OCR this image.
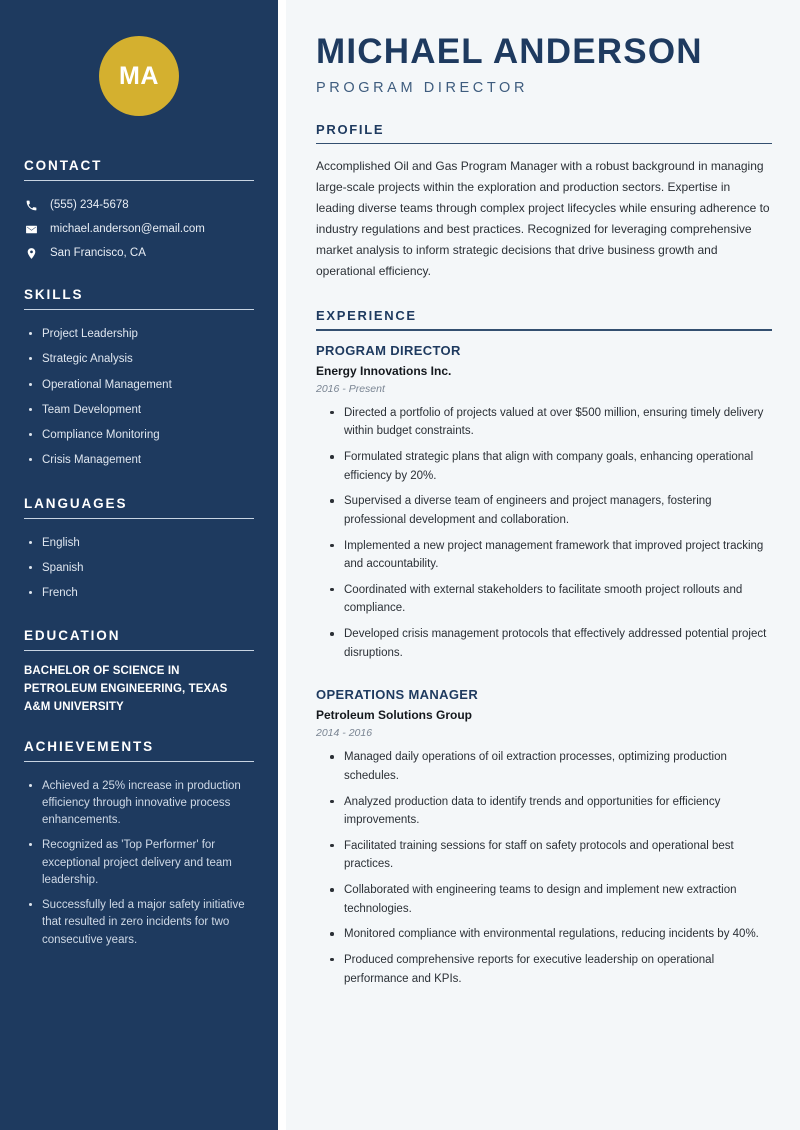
MA
CONTACT
(555) 234-5678
michael.anderson@email.com
San Francisco, CA
SKILLS
Project Leadership
Strategic Analysis
Operational Management
Team Development
Compliance Monitoring
Crisis Management
LANGUAGES
English
Spanish
French
EDUCATION
BACHELOR OF SCIENCE IN PETROLEUM ENGINEERING, TEXAS A&M UNIVERSITY
ACHIEVEMENTS
Achieved a 25% increase in production efficiency through innovative process enhancements.
Recognized as 'Top Performer' for exceptional project delivery and team leadership.
Successfully led a major safety initiative that resulted in zero incidents for two consecutive years.
MICHAEL ANDERSON
PROGRAM DIRECTOR
PROFILE

Accomplished Oil and Gas Program Manager with a robust background in managing large-scale projects within the exploration and production sectors. Expertise in leading diverse teams through complex project lifecycles while ensuring adherence to industry regulations and best practices. Recognized for leveraging comprehensive market analysis to inform strategic decisions that drive business growth and operational efficiency.

EXPERIENCE
PROGRAM DIRECTOR
Energy Innovations Inc.
2016 - Present
Directed a portfolio of projects valued at over $500 million, ensuring timely delivery within budget constraints.
Formulated strategic plans that align with company goals, enhancing operational efficiency by 20%.
Supervised a diverse team of engineers and project managers, fostering professional development and collaboration.
Implemented a new project management framework that improved project tracking and accountability.
Coordinated with external stakeholders to facilitate smooth project rollouts and compliance.
Developed crisis management protocols that effectively addressed potential project disruptions.
OPERATIONS MANAGER
Petroleum Solutions Group
2014 - 2016
Managed daily operations of oil extraction processes, optimizing production schedules.
Analyzed production data to identify trends and opportunities for efficiency improvements.
Facilitated training sessions for staff on safety protocols and operational best practices.
Collaborated with engineering teams to design and implement new extraction technologies.
Monitored compliance with environmental regulations, reducing incidents by 40%.
Produced comprehensive reports for executive leadership on operational performance and KPIs.
